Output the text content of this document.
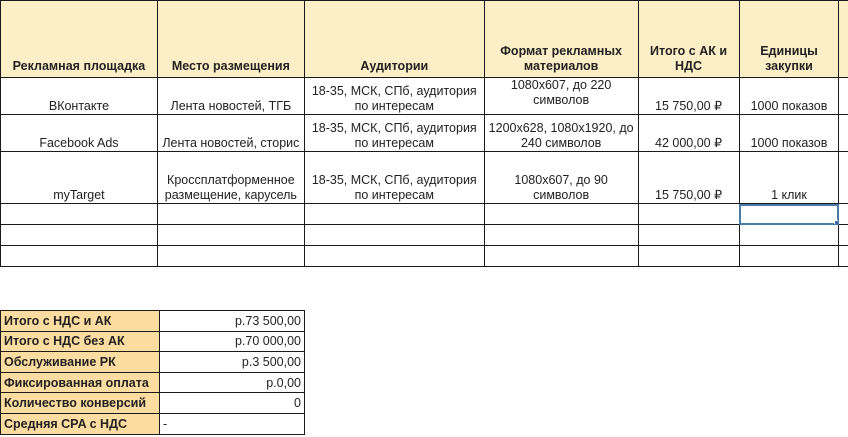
Рекламная площадка	Место размещения	Аудитории	Формат рекламных материалов	Итого с АК и НДС	Единицы закупки	
ВКонтакте	Лента новостей, ТГБ	18-35, МСК, СПб, аудитория по интересам	1080x607, до 220 символов	15 750,00 ₽	1000 показов	
Facebook Ads	Лента новостей, сторис	18-35, МСК, СПб, аудитория по интересам	1200x628, 1080x1920, до 240 символов	42 000,00 ₽	1000 показов	
myTarget	Кроссплатформенное размещение, карусель	18-35, МСК, СПб, аудитория по интересам	1080x607, до 90 символов	15 750,00 ₽	1 клик	

Итого с НДС и АК	р.73 500,00
Итого с НДС без АК	р.70 000,00
Обслуживание РК	р.3 500,00
Фиксированная оплата	р.0,00
Количество конверсий	0
Средняя CPA с НДС	-
